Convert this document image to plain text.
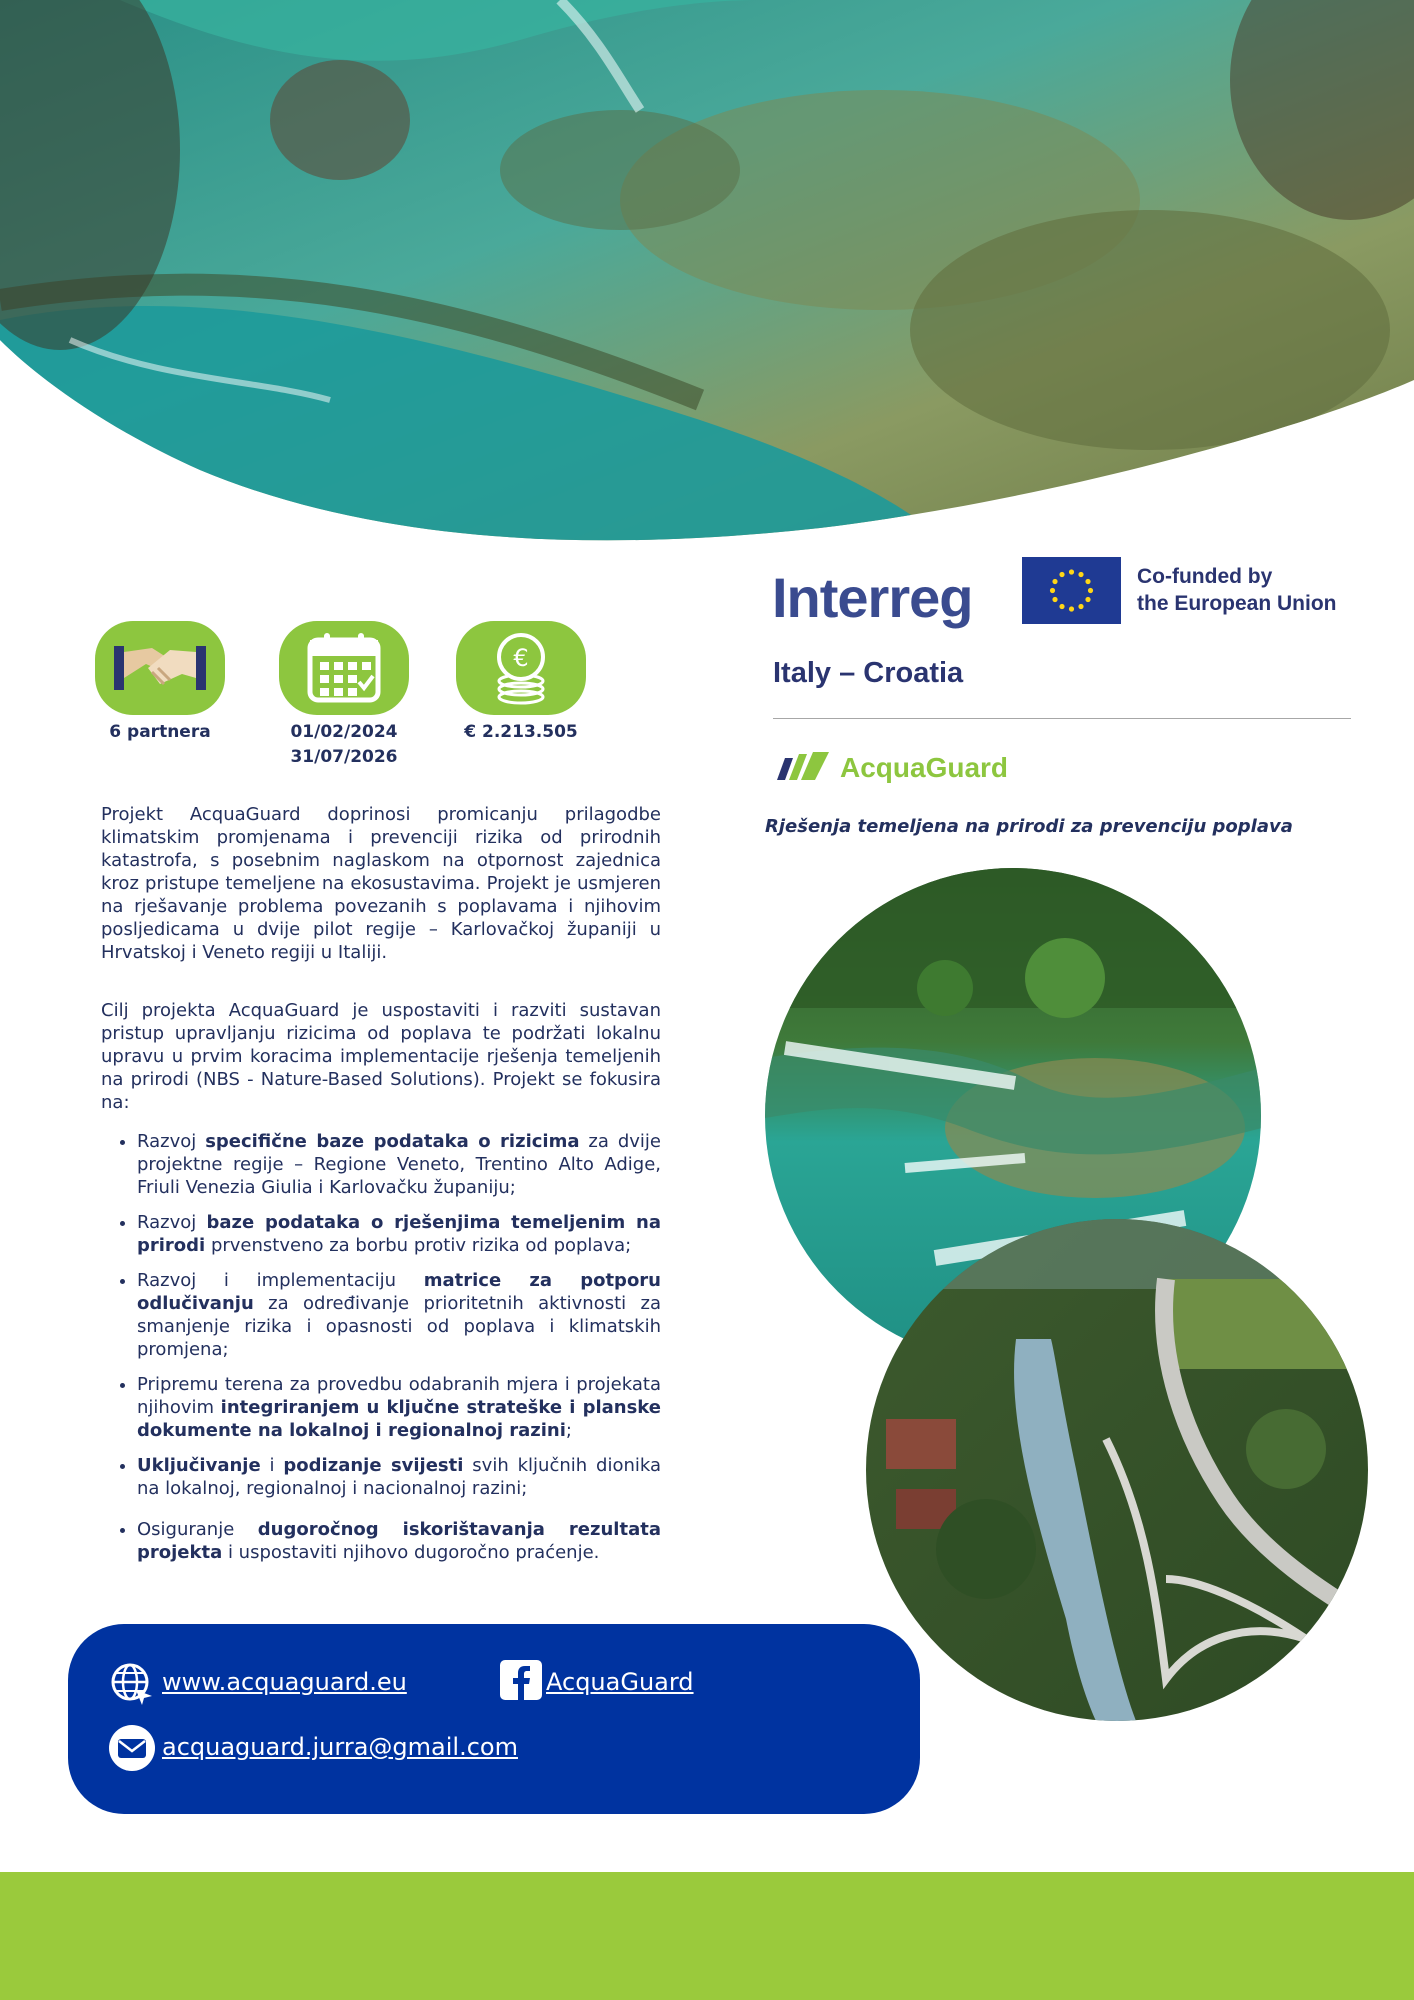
6 partnera	01/02/2024
31/07/2026
€
€ 2.213.505

Projekt AcquaGuard doprinosi promicanju prilagodbe klimatskim promjenama i prevenciji rizika od prirodnih katastrofa, s posebnim naglaskom na otpornost zajednica kroz pristupe temeljene na ekosustavima. Projekt je usmjeren na rješavanje problema povezanih s poplavama i njihovim posljedicama u dvije pilot regije – Karlovačkoj županiji u Hrvatskoj i Veneto regiji u Italiji.

Cilj projekta AcquaGuard je uspostaviti i razviti sustavan pristup upravljanju rizicima od poplava te podržati lokalnu upravu u prvim koracima implementacije rješenja temeljenih na prirodi (NBS - Nature-Based Solutions). Projekt se fokusira na:

• Razvoj specifične baze podataka o rizicima za dvije projektne regije – Regione Veneto, Trentino Alto Adige, Friuli Venezia Giulia i Karlovačku županiju;
• Razvoj baze podataka o rješenjima temeljenim na prirodi prvenstveno za borbu protiv rizika od poplava;
• Razvoj i implementaciju matrice za potporu odlučivanju za određivanje prioritetnih aktivnosti za smanjenje rizika i opasnosti od poplava i klimatskih promjena;
• Pripremu terena za provedbu odabranih mjera i projekata njihovim integriranjem u ključne strateške i planske dokumente na lokalnoj i regionalnoj razini;
• Uključivanje i podizanje svijesti svih ključnih dionika na lokalnoj, regionalnoj i nacionalnoj razini;
• Osiguranje dugoročnog iskorištavanja rezultata projekta i uspostaviti njihovo dugoročno praćenje.
Interreg	Co-funded by
the European Union
Italy – Croatia
AcquaGuard
Rješenja temeljena na prirodi za prevenciju poplava
www.acquaguard.eu	AcquaGuard
acquaguard.jurra@gmail.com
